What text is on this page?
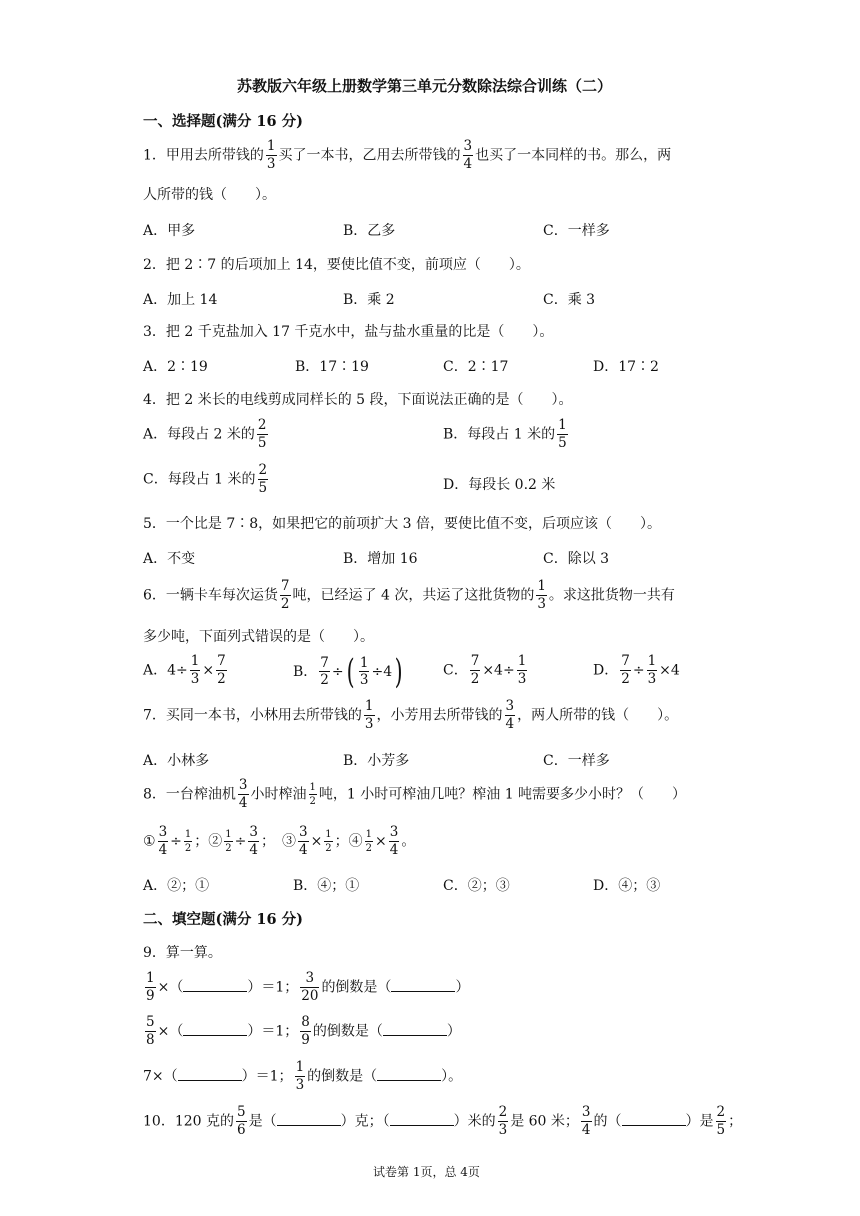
苏教版六年级上册数学第三单元分数除法综合训练（二）
一、选择题(满分 16 分)
1．甲用去所带钱的 $\frac{1}{3}$ 买了一本书，乙用去所带钱的 $\frac{3}{4}$ 也买了一本同样的书。那么，两
人所带的钱（　　）。
A．甲多	B．乙多	C．一样多
2．把 2∶7 的后项加上 14，要使比值不变，前项应（　　）。
A．加上 14	B．乘 2	C．乘 3
3．把 2 千克盐加入 17 千克水中，盐与盐水重量的比是（　　）。
A．2∶19	B．17∶19	C．2∶17	D．17∶2
4．把 2 米长的电线剪成同样长的 5 段，下面说法正确的是（　　）。
A．每段占 2 米的 $\frac{2}{5}$	B．每段占 1 米的 $\frac{1}{5}$
C．每段占 1 米的 $\frac{2}{5}$	D．每段长 0.2 米
5．一个比是 7∶8，如果把它的前项扩大 3 倍，要使比值不变，后项应该（　　）。
A．不变	B．增加 16	C．除以 3
6．一辆卡车每次运货 $\frac{7}{2}$ 吨，已经运了 4 次，共运了这批货物的 $\frac{1}{3}$ 。求这批货物一共有
多少吨，下面列式错误的是（　　）。
A．$4\div \frac{1}{3} \times \frac{7}{2}$	B． $\frac{7}{2}$ ÷( $\frac{1}{3} \div 4$)	C． $\frac{7}{2} \times 4\div \frac{1}{3}$	D． $\frac{7}{2} \div \frac{1}{3} \times 4$
7．买同一本书，小林用去所带钱的 $\frac{1}{3}$ ，小芳用去所带钱的 $\frac{3}{4}$ ，两人所带的钱（　　）。
A．小林多	B．小芳多	C．一样多
8．一台榨油机 $\frac{3}{4}$ 小时榨油 $\frac{1}{2}$ 吨，1 小时可榨油几吨？榨油 1 吨需要多少小时？（　　）
① $\frac{3}{4} \div \frac{1}{2}$ ；② $\frac{1}{2} \div \frac{3}{4}$ ；　③ $\frac{3}{4} \times \frac{1}{2}$ ；④ $\frac{1}{2} \times \frac{3}{4}$ 。
A．②；①	B．④；①	C．②；③	D．④；③
二、填空题(满分 16 分)
9．算一算。
$\frac{1}{9}$ ×（	）＝1； $\frac{3}{20}$ 的倒数是（	）
$\frac{5}{8}$ ×（	）＝1； $\frac{8}{9}$ 的倒数是（	）
7×（	）＝1； $\frac{1}{3}$ 的倒数是（	）。
10．120 克的 $\frac{5}{6}$ 是（	）克；（	）米的 $\frac{2}{3}$ 是 60 米； $\frac{3}{4}$ 的（	）是 $\frac{2}{5}$ ；
试卷第 1页，总 4页
